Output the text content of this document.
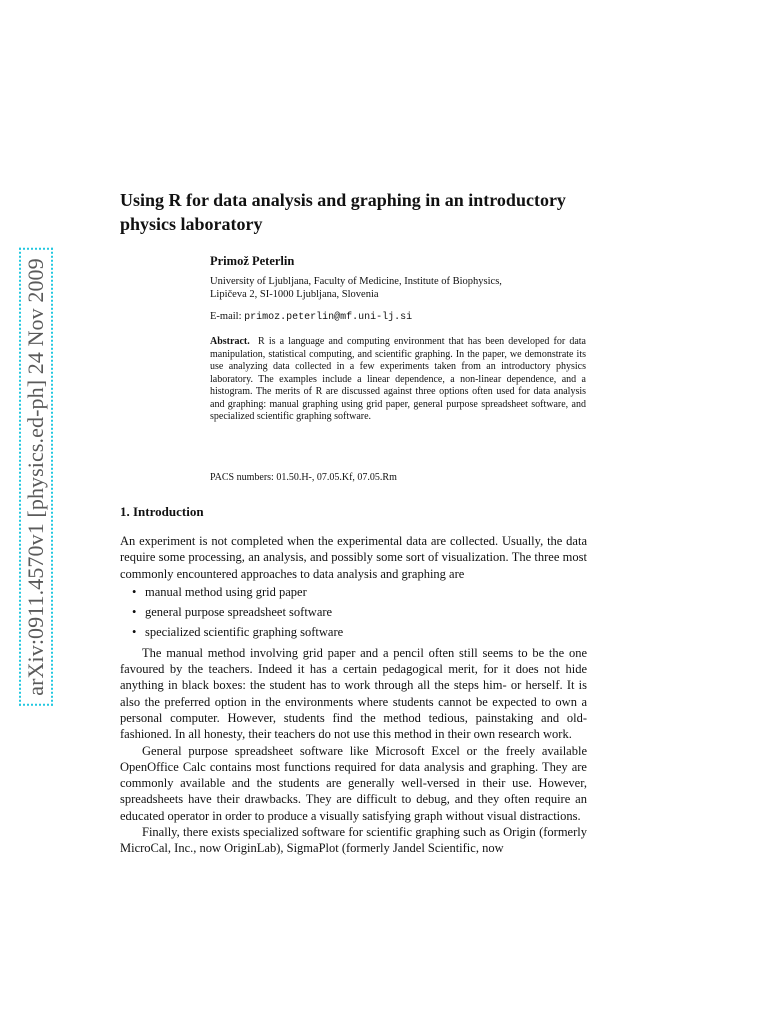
arXiv:0911.4570v1 [physics.ed-ph] 24 Nov 2009
Using R for data analysis and graphing in an introductory physics laboratory
Primož Peterlin
University of Ljubljana, Faculty of Medicine, Institute of Biophysics,
Lipičeva 2, SI-1000 Ljubljana, Slovenia
E-mail: primoz.peterlin@mf.uni-lj.si

Abstract. R is a language and computing environment that has been developed for data manipulation, statistical computing, and scientific graphing. In the paper, we demonstrate its use analyzing data collected in a few experiments taken from an introductory physics laboratory. The examples include a linear dependence, a non-linear dependence, and a histogram. The merits of R are discussed against three options often used for data analysis and graphing: manual graphing using grid paper, general purpose spreadsheet software, and specialized scientific graphing software.

PACS numbers: 01.50.H-, 07.05.Kf, 07.05.Rm
1. Introduction

An experiment is not completed when the experimental data are collected. Usually, the data require some processing, an analysis, and possibly some sort of visualization. The three most commonly encountered approaches to data analysis and graphing are

• manual method using grid paper
• general purpose spreadsheet software
• specialized scientific graphing software

The manual method involving grid paper and a pencil often still seems to be the one favoured by the teachers. Indeed it has a certain pedagogical merit, for it does not hide anything in black boxes: the student has to work through all the steps him- or herself. It is also the preferred option in the environments where students cannot be expected to own a personal computer. However, students find the method tedious, painstaking and old-fashioned. In all honesty, their teachers do not use this method in their own research work.

General purpose spreadsheet software like Microsoft Excel or the freely available OpenOffice Calc contains most functions required for data analysis and graphing. They are commonly available and the students are generally well-versed in their use. However, spreadsheets have their drawbacks. They are difficult to debug, and they often require an educated operator in order to produce a visually satisfying graph without visual distractions.

Finally, there exists specialized software for scientific graphing such as Origin (formerly MicroCal, Inc., now OriginLab), SigmaPlot (formerly Jandel Scientific, now
